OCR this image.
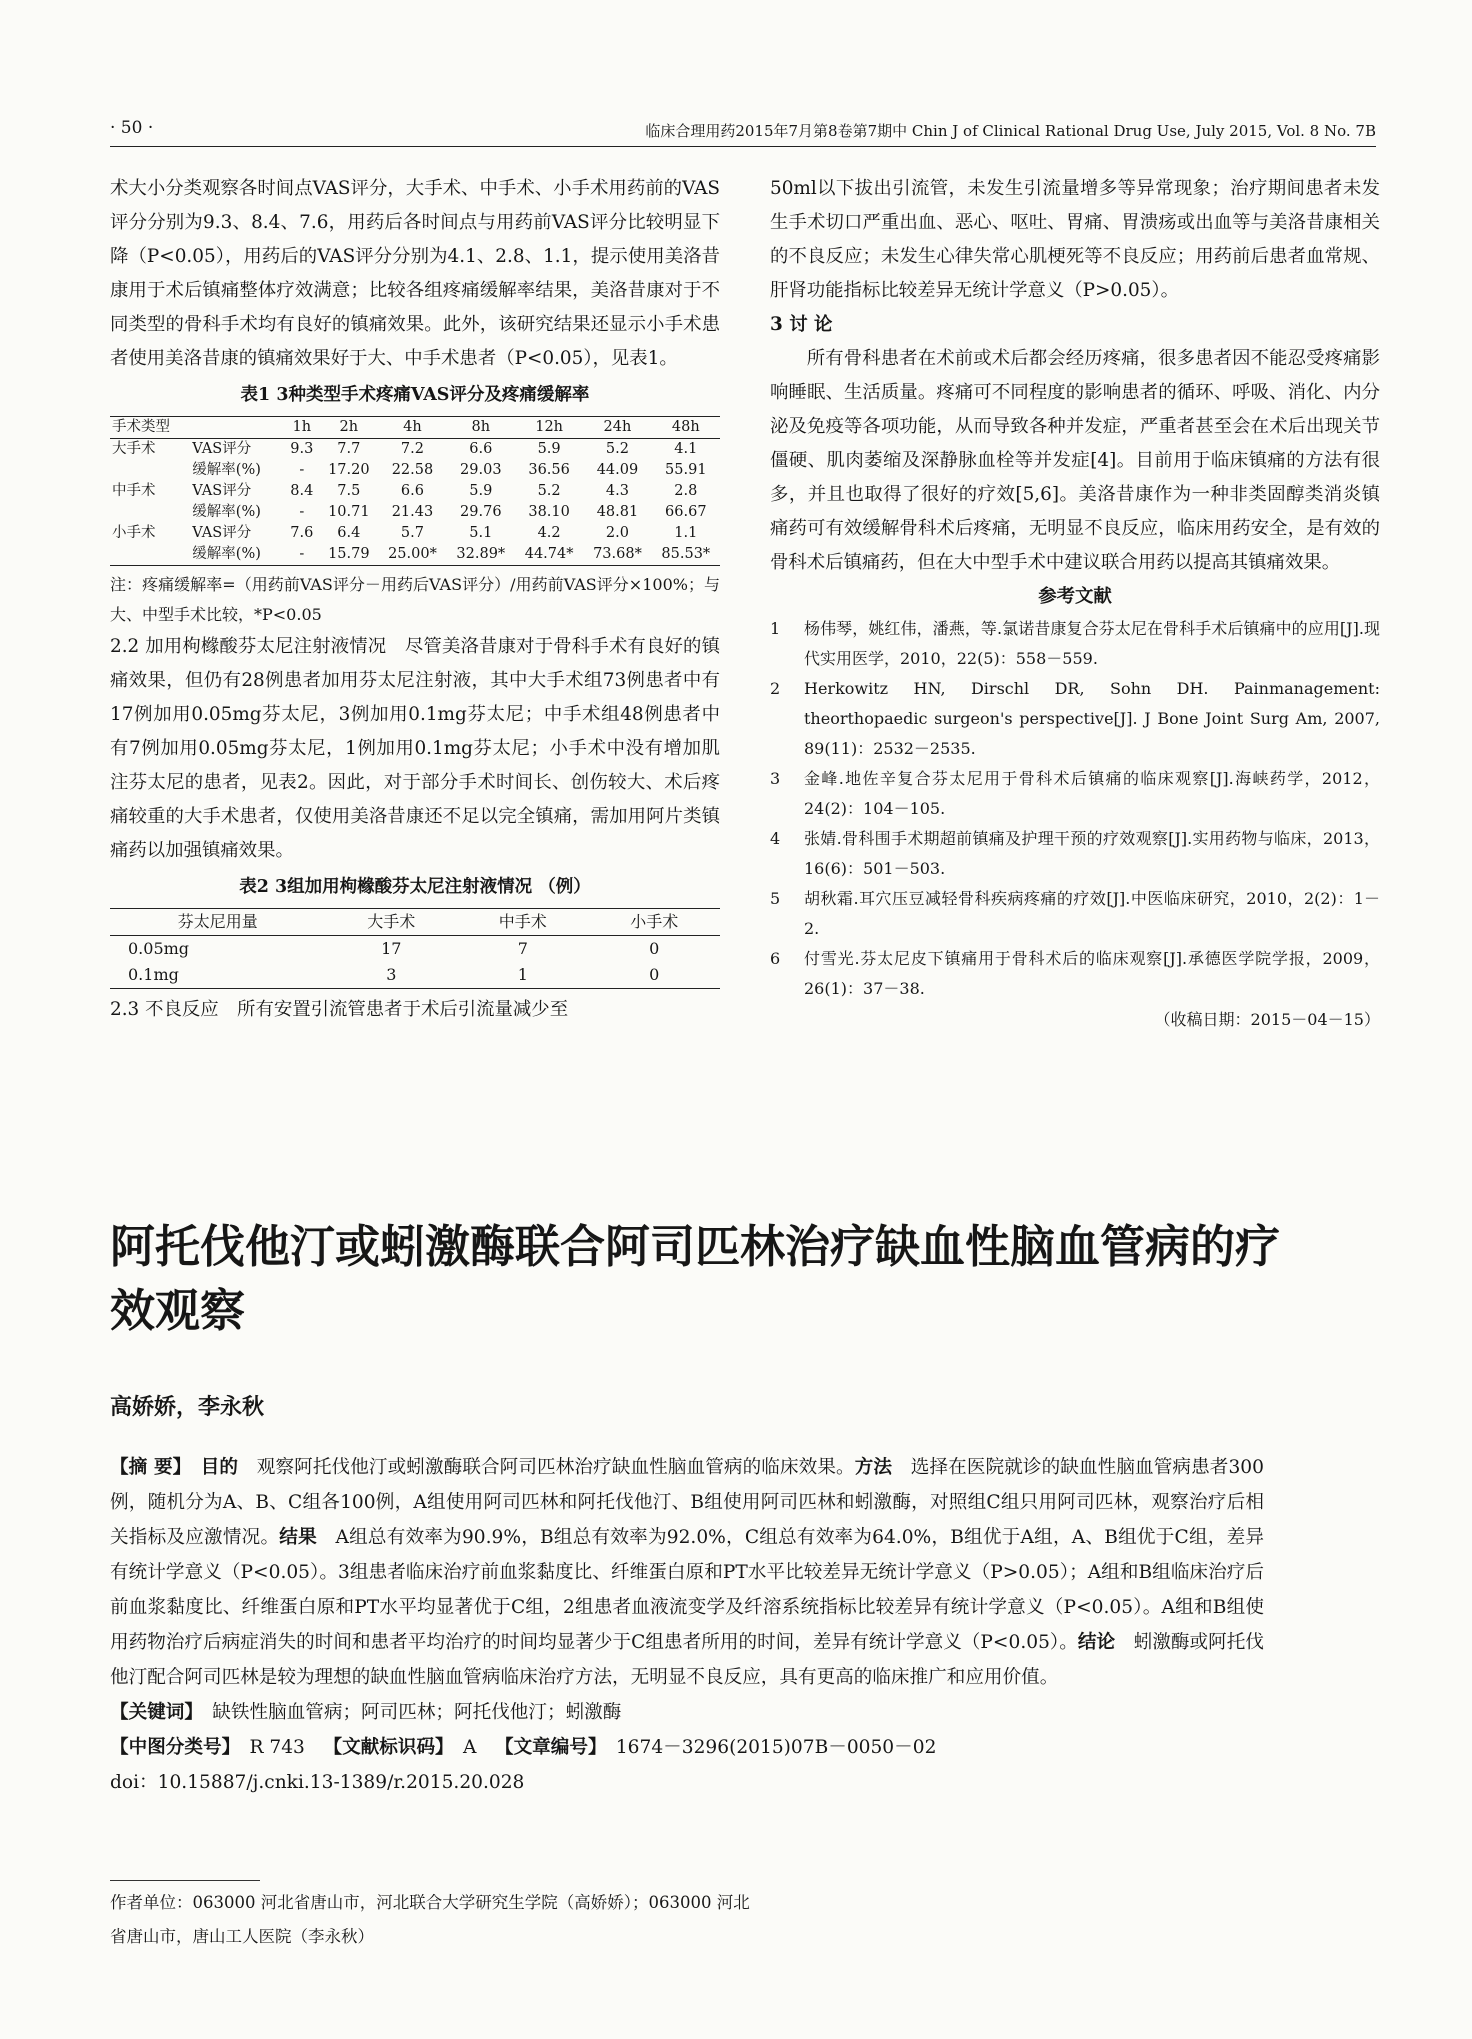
· 50 ·	临床合理用药2015年7月第8卷第7期中 Chin J of Clinical Rational Drug Use, July 2015, Vol. 8 No. 7B

术大小分类观察各时间点VAS评分，大手术、中手术、小手术用药前的VAS评分分别为9.3、8.4、7.6，用药后各时间点与用药前VAS评分比较明显下降（P<0.05），用药后的VAS评分分别为4.1、2.8、1.1，提示使用美洛昔康用于术后镇痛整体疗效满意；比较各组疼痛缓解率结果，美洛昔康对于不同类型的骨科手术均有良好的镇痛效果。此外，该研究结果还显示小手术患者使用美洛昔康的镇痛效果好于大、中手术患者（P<0.05），见表1。

表1 3种类型手术疼痛VAS评分及疼痛缓解率
手术类型		1h	2h	4h	8h	12h	24h	48h
大手术	VAS评分	9.3	7.7	7.2	6.6	5.9	5.2	4.1
	缓解率(%)	-	17.20	22.58	29.03	36.56	44.09	55.91
中手术	VAS评分	8.4	7.5	6.6	5.9	5.2	4.3	2.8
	缓解率(%)	-	10.71	21.43	29.76	38.10	48.81	66.67
小手术	VAS评分	7.6	6.4	5.7	5.1	4.2	2.0	1.1
	缓解率(%)	-	15.79	25.00*	32.89*	44.74*	73.68*	85.53*

注：疼痛缓解率=（用药前VAS评分－用药后VAS评分）/用药前VAS评分×100%；与大、中型手术比较，*P<0.05

2.2 加用枸橼酸芬太尼注射液情况  尽管美洛昔康对于骨科手术有良好的镇痛效果，但仍有28例患者加用芬太尼注射液，其中大手术组73例患者中有17例加用0.05mg芬太尼，3例加用0.1mg芬太尼；中手术组48例患者中有7例加用0.05mg芬太尼，1例加用0.1mg芬太尼；小手术中没有增加肌注芬太尼的患者，见表2。因此，对于部分手术时间长、创伤较大、术后疼痛较重的大手术患者，仅使用美洛昔康还不足以完全镇痛，需加用阿片类镇痛药以加强镇痛效果。

表2 3组加用枸橼酸芬太尼注射液情况 （例）
芬太尼用量	大手术	中手术	小手术
0.05mg	17	7	0
0.1mg	3	1	0

2.3 不良反应  所有安置引流管患者于术后引流量减少至

50ml以下拔出引流管，未发生引流量增多等异常现象；治疗期间患者未发生手术切口严重出血、恶心、呕吐、胃痛、胃溃疡或出血等与美洛昔康相关的不良反应；未发生心律失常心肌梗死等不良反应；用药前后患者血常规、肝肾功能指标比较差异无统计学意义（P>0.05）。

3 讨 论

所有骨科患者在术前或术后都会经历疼痛，很多患者因不能忍受疼痛影响睡眠、生活质量。疼痛可不同程度的影响患者的循环、呼吸、消化、内分泌及免疫等各项功能，从而导致各种并发症，严重者甚至会在术后出现关节僵硬、肌肉萎缩及深静脉血栓等并发症[4]。目前用于临床镇痛的方法有很多，并且也取得了很好的疗效[5,6]。美洛昔康作为一种非类固醇类消炎镇痛药可有效缓解骨科术后疼痛，无明显不良反应，临床用药安全，是有效的骨科术后镇痛药，但在大中型手术中建议联合用药以提高其镇痛效果。

参考文献

1	杨伟琴，姚红伟，潘燕，等.氯诺昔康复合芬太尼在骨科手术后镇痛中的应用[J].现代实用医学，2010，22(5)：558－559.
2	Herkowitz HN, Dirschl DR, Sohn DH. Painmanagement: theorthopaedic surgeon's perspective[J]. J Bone Joint Surg Am, 2007, 89(11)：2532－2535.
3	金峰.地佐辛复合芬太尼用于骨科术后镇痛的临床观察[J].海峡药学，2012，24(2)：104－105.
4	张婧.骨科围手术期超前镇痛及护理干预的疗效观察[J].实用药物与临床，2013，16(6)：501－503.
5	胡秋霜.耳穴压豆减轻骨科疾病疼痛的疗效[J].中医临床研究，2010，2(2)：1－2.
6	付雪光.芬太尼皮下镇痛用于骨科术后的临床观察[J].承德医学院学报，2009，26(1)：37－38.

（收稿日期：2015－04－15）

阿托伐他汀或蚓激酶联合阿司匹林治疗缺血性脑血管病的疗效观察
高娇娇，李永秋

【摘 要】  目的  观察阿托伐他汀或蚓激酶联合阿司匹林治疗缺血性脑血管病的临床效果。方法  选择在医院就诊的缺血性脑血管病患者300例，随机分为A、B、C组各100例，A组使用阿司匹林和阿托伐他汀、B组使用阿司匹林和蚓激酶，对照组C组只用阿司匹林，观察治疗后相关指标及应激情况。结果  A组总有效率为90.9%，B组总有效率为92.0%，C组总有效率为64.0%，B组优于A组，A、B组优于C组，差异有统计学意义（P<0.05）。3组患者临床治疗前血浆黏度比、纤维蛋白原和PT水平比较差异无统计学意义（P>0.05）；A组和B组临床治疗后前血浆黏度比、纤维蛋白原和PT水平均显著优于C组，2组患者血液流变学及纤溶系统指标比较差异有统计学意义（P<0.05）。A组和B组使用药物治疗后病症消失的时间和患者平均治疗的时间均显著少于C组患者所用的时间，差异有统计学意义（P<0.05）。结论  蚓激酶或阿托伐他汀配合阿司匹林是较为理想的缺血性脑血管病临床治疗方法，无明显不良反应，具有更高的临床推广和应用价值。

【关键词】  缺铁性脑血管病；阿司匹林；阿托伐他汀；蚓激酶

【中图分类号】  R 743  【文献标识码】  A  【文章编号】  1674－3296(2015)07B－0050－02

doi：10.15887/j.cnki.13-1389/r.2015.20.028

作者单位：063000 河北省唐山市，河北联合大学研究生学院（高娇娇）；063000 河北省唐山市，唐山工人医院（李永秋）
